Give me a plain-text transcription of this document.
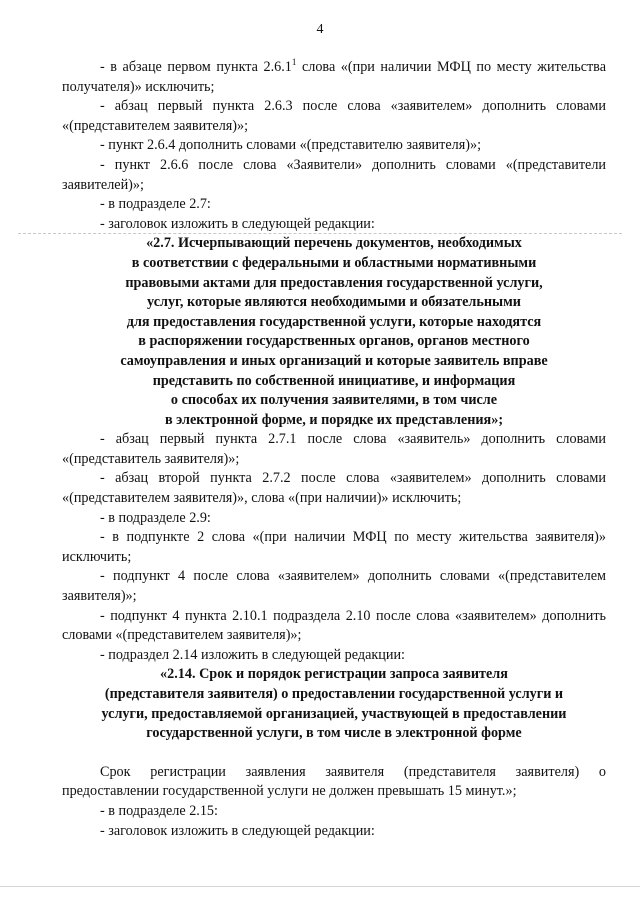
4

- в абзаце первом пункта 2.6.1$^1$ слова «(при наличии МФЦ по месту жительства получателя)» исключить;

- абзац первый пункта 2.6.3 после слова «заявителем» дополнить словами «(представителем заявителя)»;

- пункт 2.6.4 дополнить словами «(представителю заявителя)»;

- пункт 2.6.6 после слова «Заявители» дополнить словами «(представители заявителей)»;

- в подразделе 2.7:

- заголовок изложить в следующей редакции:

«2.7. Исчерпывающий перечень документов, необходимых
в соответствии с федеральными и областными нормативными
правовыми актами для предоставления государственной услуги,
услуг, которые являются необходимыми и обязательными
для предоставления государственной услуги, которые находятся
в распоряжении государственных органов, органов местного
самоуправления и иных организаций и которые заявитель вправе
представить по собственной инициативе, и информация
о способах их получения заявителями, в том числе
в электронной форме, и порядке их представления»;

- абзац первый пункта 2.7.1 после слова «заявитель» дополнить словами «(представитель заявителя)»;

- абзац второй пункта 2.7.2 после слова «заявителем» дополнить словами «(представителем заявителя)», слова «(при наличии)» исключить;

- в подразделе 2.9:

- в подпункте 2 слова «(при наличии МФЦ по месту жительства заявителя)» исключить;

- подпункт 4 после слова «заявителем» дополнить словами «(представителем заявителя)»;

- подпункт 4 пункта 2.10.1 подраздела 2.10 после слова «заявителем» дополнить словами «(представителем заявителя)»;

- подраздел 2.14 изложить в следующей редакции:

«2.14. Срок и порядок регистрации запроса заявителя
(представителя заявителя) о предоставлении государственной услуги и
услуги, предоставляемой организацией, участвующей в предоставлении
государственной услуги, в том числе в электронной форме

Срок регистрации заявления заявителя (представителя заявителя) о предоставлении государственной услуги не должен превышать 15 минут.»;

- в подразделе 2.15:

- заголовок изложить в следующей редакции:
